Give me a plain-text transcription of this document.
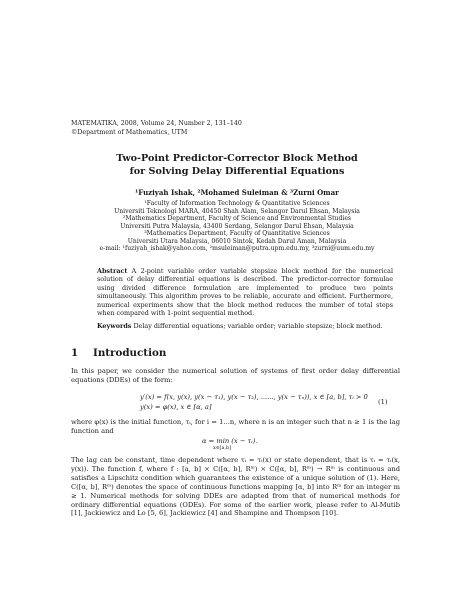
MATEMATIKA, 2008, Volume 24, Number 2, 131–140
©Department of Mathematics, UTM
Two-Point Predictor-Corrector Block Method
for Solving Delay Differential Equations
¹Fuziyah Ishak, ²Mohamed Suleiman & ³Zurni Omar
¹Faculty of Information Technology & Quantitative Sciences
Universiti Teknologi MARA, 40450 Shah Alam, Selangor Darul Ehsan, Malaysia
²Mathematics Department, Faculty of Science and Environmental Studies
Universiti Putra Malaysia, 43400 Serdang, Selangor Darul Ehsan, Malaysia
³Mathematics Department, Faculty of Quantitative Sciences
Universiti Utara Malaysia, 06010 Sintok, Kedah Darul Aman, Malaysia
e-mail: ¹fuziyah_ishak@yahoo.com, ²msuleiman@putra.upm.edu.my, ³zurni@uum.edu.my
Abstract A 2-point variable order variable stepsize block method for the numerical solution of delay differential equations is described. The predictor-corrector formulae using divided difference formulation are implemented to produce two points simultaneously. This algorithm proves to be reliable, accurate and efficient. Furthermore, numerical experiments show that the block method reduces the number of total steps when compared with 1-point sequential method.
Keywords Delay differential equations; variable order; variable stepsize; block method.
1 Introduction
In this paper, we consider the numerical solution of systems of first order delay differential equations (DDEs) of the form:
y′(x) = f(x, y(x), y(x − τ₁), y(x − τ₂), ......, y(x − τₙ)), x ∈ [a, b], τᵢ > 0
y(x) = φ(x), x ∈ [α, a]
(1)
where φ(x) is the initial function, τᵢ, for i = 1...n, where n is an integer such that n ≥ 1 is the lag function and
α = min (x − τᵢ).
x∈[a,b]
The lag can be constant, time dependent where τᵢ = τᵢ(x) or state dependent, that is τᵢ = τᵢ(x, y(x)). The function f, where f : [a, b] × C([α, b], Rᵐ) × C([α, b], Rᵐ) → Rᵐ is continuous and satisfies a Lipschitz condition which guarantees the existence of a unique solution of (1). Here, C([α, b], Rᵐ) denotes the space of continuous functions mapping [α, b] into Rᵐ for an integer m ≥ 1. Numerical methods for solving DDEs are adapted from that of numerical methods for ordinary differential equations (ODEs). For some of the earlier work, please refer to Al-Mutib [1], Jackiewicz and Lo [5, 6], Jackiewicz [4] and Shampine and Thompson [10].
